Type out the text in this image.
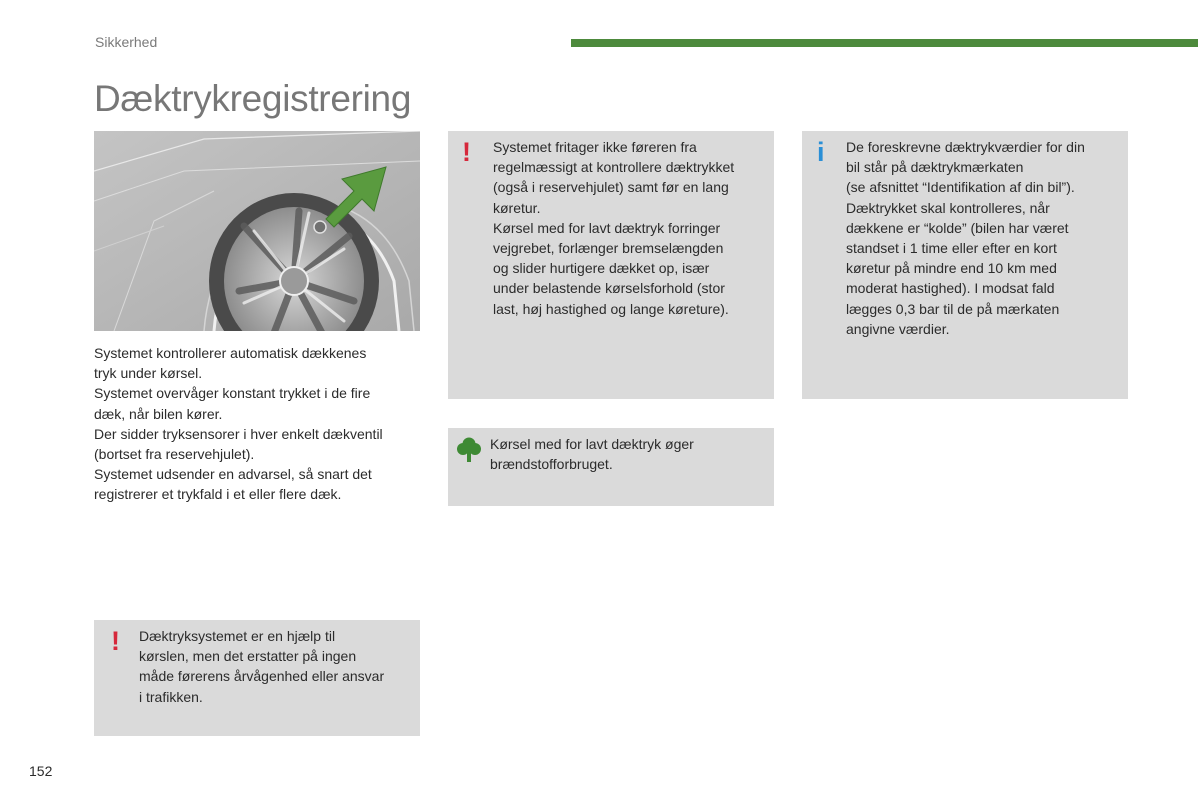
Sikkerhed
Dæktrykregistrering

Systemet kontrollerer automatisk dækkenes

tryk under kørsel.

Systemet overvåger konstant trykket i de fire

dæk, når bilen kører.

Der sidder tryksensorer i hver enkelt dækventil

(bortset fra reservehjulet).

Systemet udsender en advarsel, så snart det

registrerer et trykfald i et eller flere dæk.

! Systemet fritager ikke føreren fra

regelmæssigt at kontrollere dæktrykket

(også i reservehjulet) samt før en lang

køretur.

Kørsel med for lavt dæktryk forringer

vejgrebet, forlænger bremselængden

og slider hurtigere dækket op, især

under belastende kørselsforhold (stor

last, høj hastighed og lange køreture).

i De foreskrevne dæktrykværdier for din

bil står på dæktrykmærkaten

(se afsnittet “Identifikation af din bil”).

Dæktrykket skal kontrolleres, når

dækkene er “kolde” (bilen har været

standset i 1 time eller efter en kort

køretur på mindre end 10 km med

moderat hastighed). I modsat fald

lægges 0,3 bar til de på mærkaten

angivne værdier.

Kørsel med for lavt dæktryk øger

brændstofforbruget.

! Dæktryksystemet er en hjælp til

kørslen, men det erstatter på ingen

måde førerens årvågenhed eller ansvar

i trafikken.

152
